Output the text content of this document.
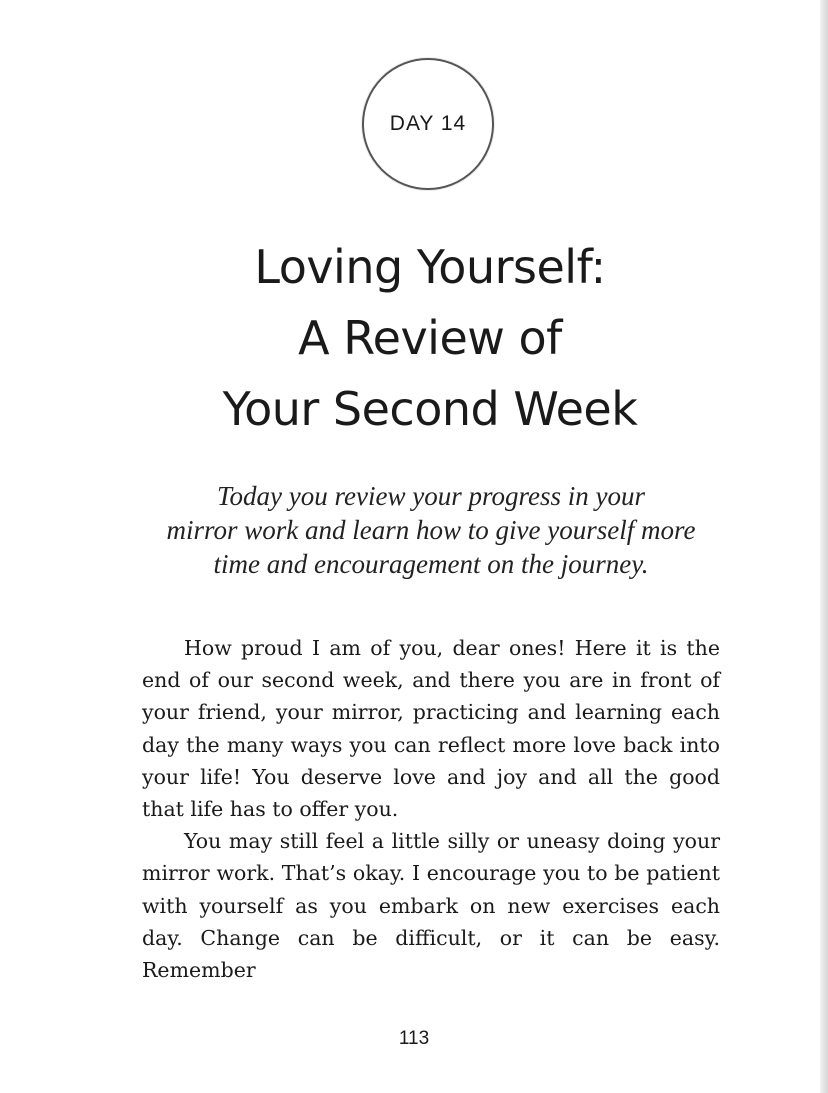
DAY 14
Loving Yourself:
A Review of
Your Second Week
Today you review your progress in your
mirror work and learn how to give yourself more
time and encouragement on the journey.

How proud I am of you, dear ones! Here it is the end of our second week, and there you are in front of your friend, your mirror, practicing and learning each day the many ways you can reflect more love back into your life! You deserve love and joy and all the good that life has to offer you.

You may still feel a little silly or uneasy doing your mirror work. That’s okay. I encourage you to be patient with yourself as you embark on new exercises each day. Change can be difficult, or it can be easy. Remember

113
